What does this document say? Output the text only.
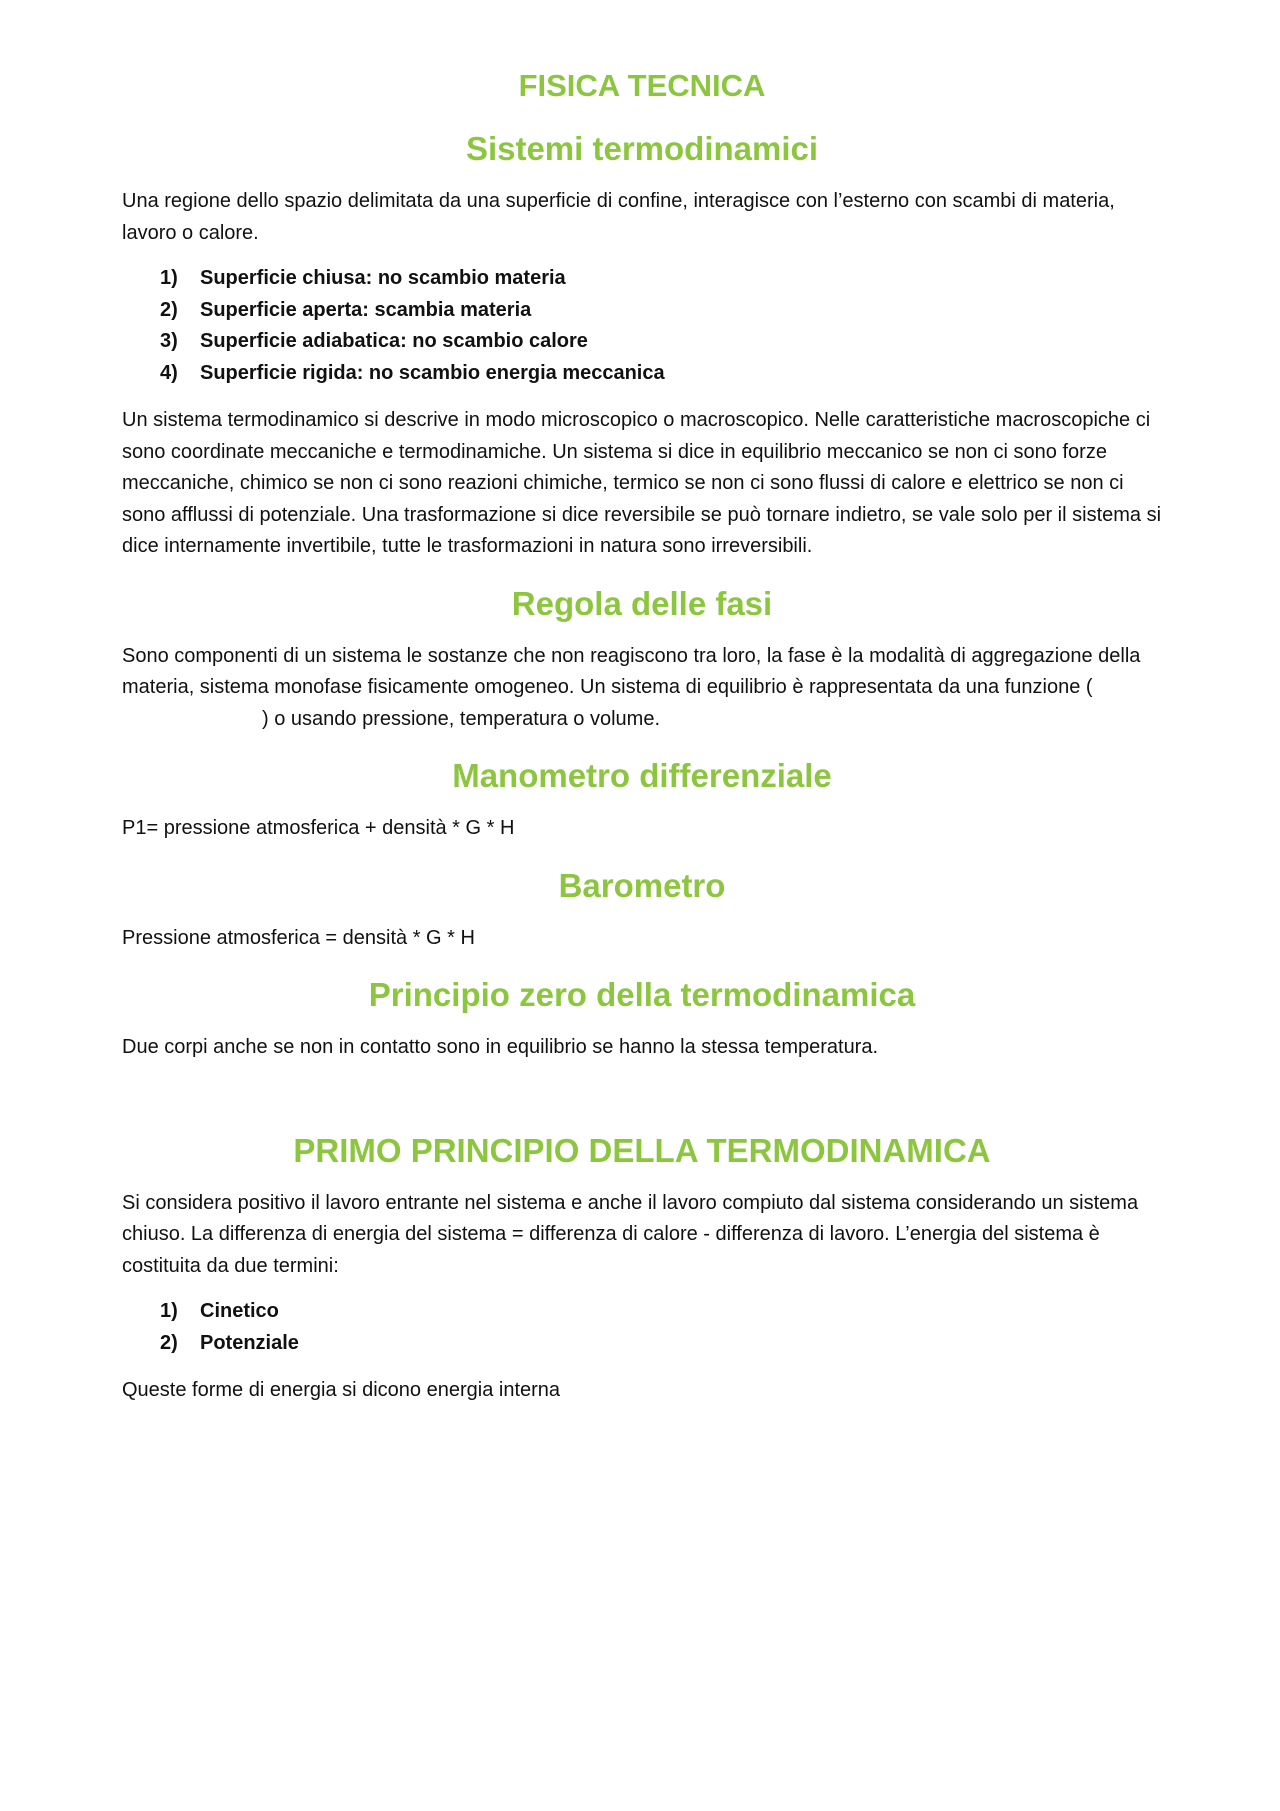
FISICA TECNICA
Sistemi termodinamici

Una regione dello spazio delimitata da una superficie di confine, interagisce con l’esterno con scambi di materia, lavoro o calore.

1)	Superficie chiusa: no scambio materia
2)	Superficie aperta: scambia materia
3)	Superficie adiabatica: no scambio calore
4)	Superficie rigida: no scambio energia meccanica

Un sistema termodinamico si descrive in modo microscopico o macroscopico. Nelle caratteristiche macroscopiche ci sono coordinate meccaniche e termodinamiche. Un sistema si dice in equilibrio meccanico se non ci sono forze meccaniche, chimico se non ci sono reazioni chimiche, termico se non ci sono flussi di calore e elettrico se non ci sono afflussi di potenziale. Una trasformazione si dice reversibile se può tornare indietro, se vale solo per il sistema si dice internamente invertibile, tutte le trasformazioni in natura sono irreversibili.

Regola delle fasi

Sono componenti di un sistema le sostanze che non reagiscono tra loro, la fase è la modalità di aggregazione della materia, sistema monofase fisicamente omogeneo. Un sistema di equilibrio è rappresentata da una funzione () o usando pressione, temperatura o volume.

Manometro differenziale

P1= pressione atmosferica + densità * G * H

Barometro

Pressione atmosferica = densità * G * H

Principio zero della termodinamica

Due corpi anche se non in contatto sono in equilibrio se hanno la stessa temperatura.

PRIMO PRINCIPIO DELLA TERMODINAMICA

Si considera positivo il lavoro entrante nel sistema e anche il lavoro compiuto dal sistema considerando un sistema chiuso. La differenza di energia del sistema = differenza di calore - differenza di lavoro. L’energia del sistema è costituita da due termini:

1)	Cinetico
2)	Potenziale

Queste forme di energia si dicono energia interna
